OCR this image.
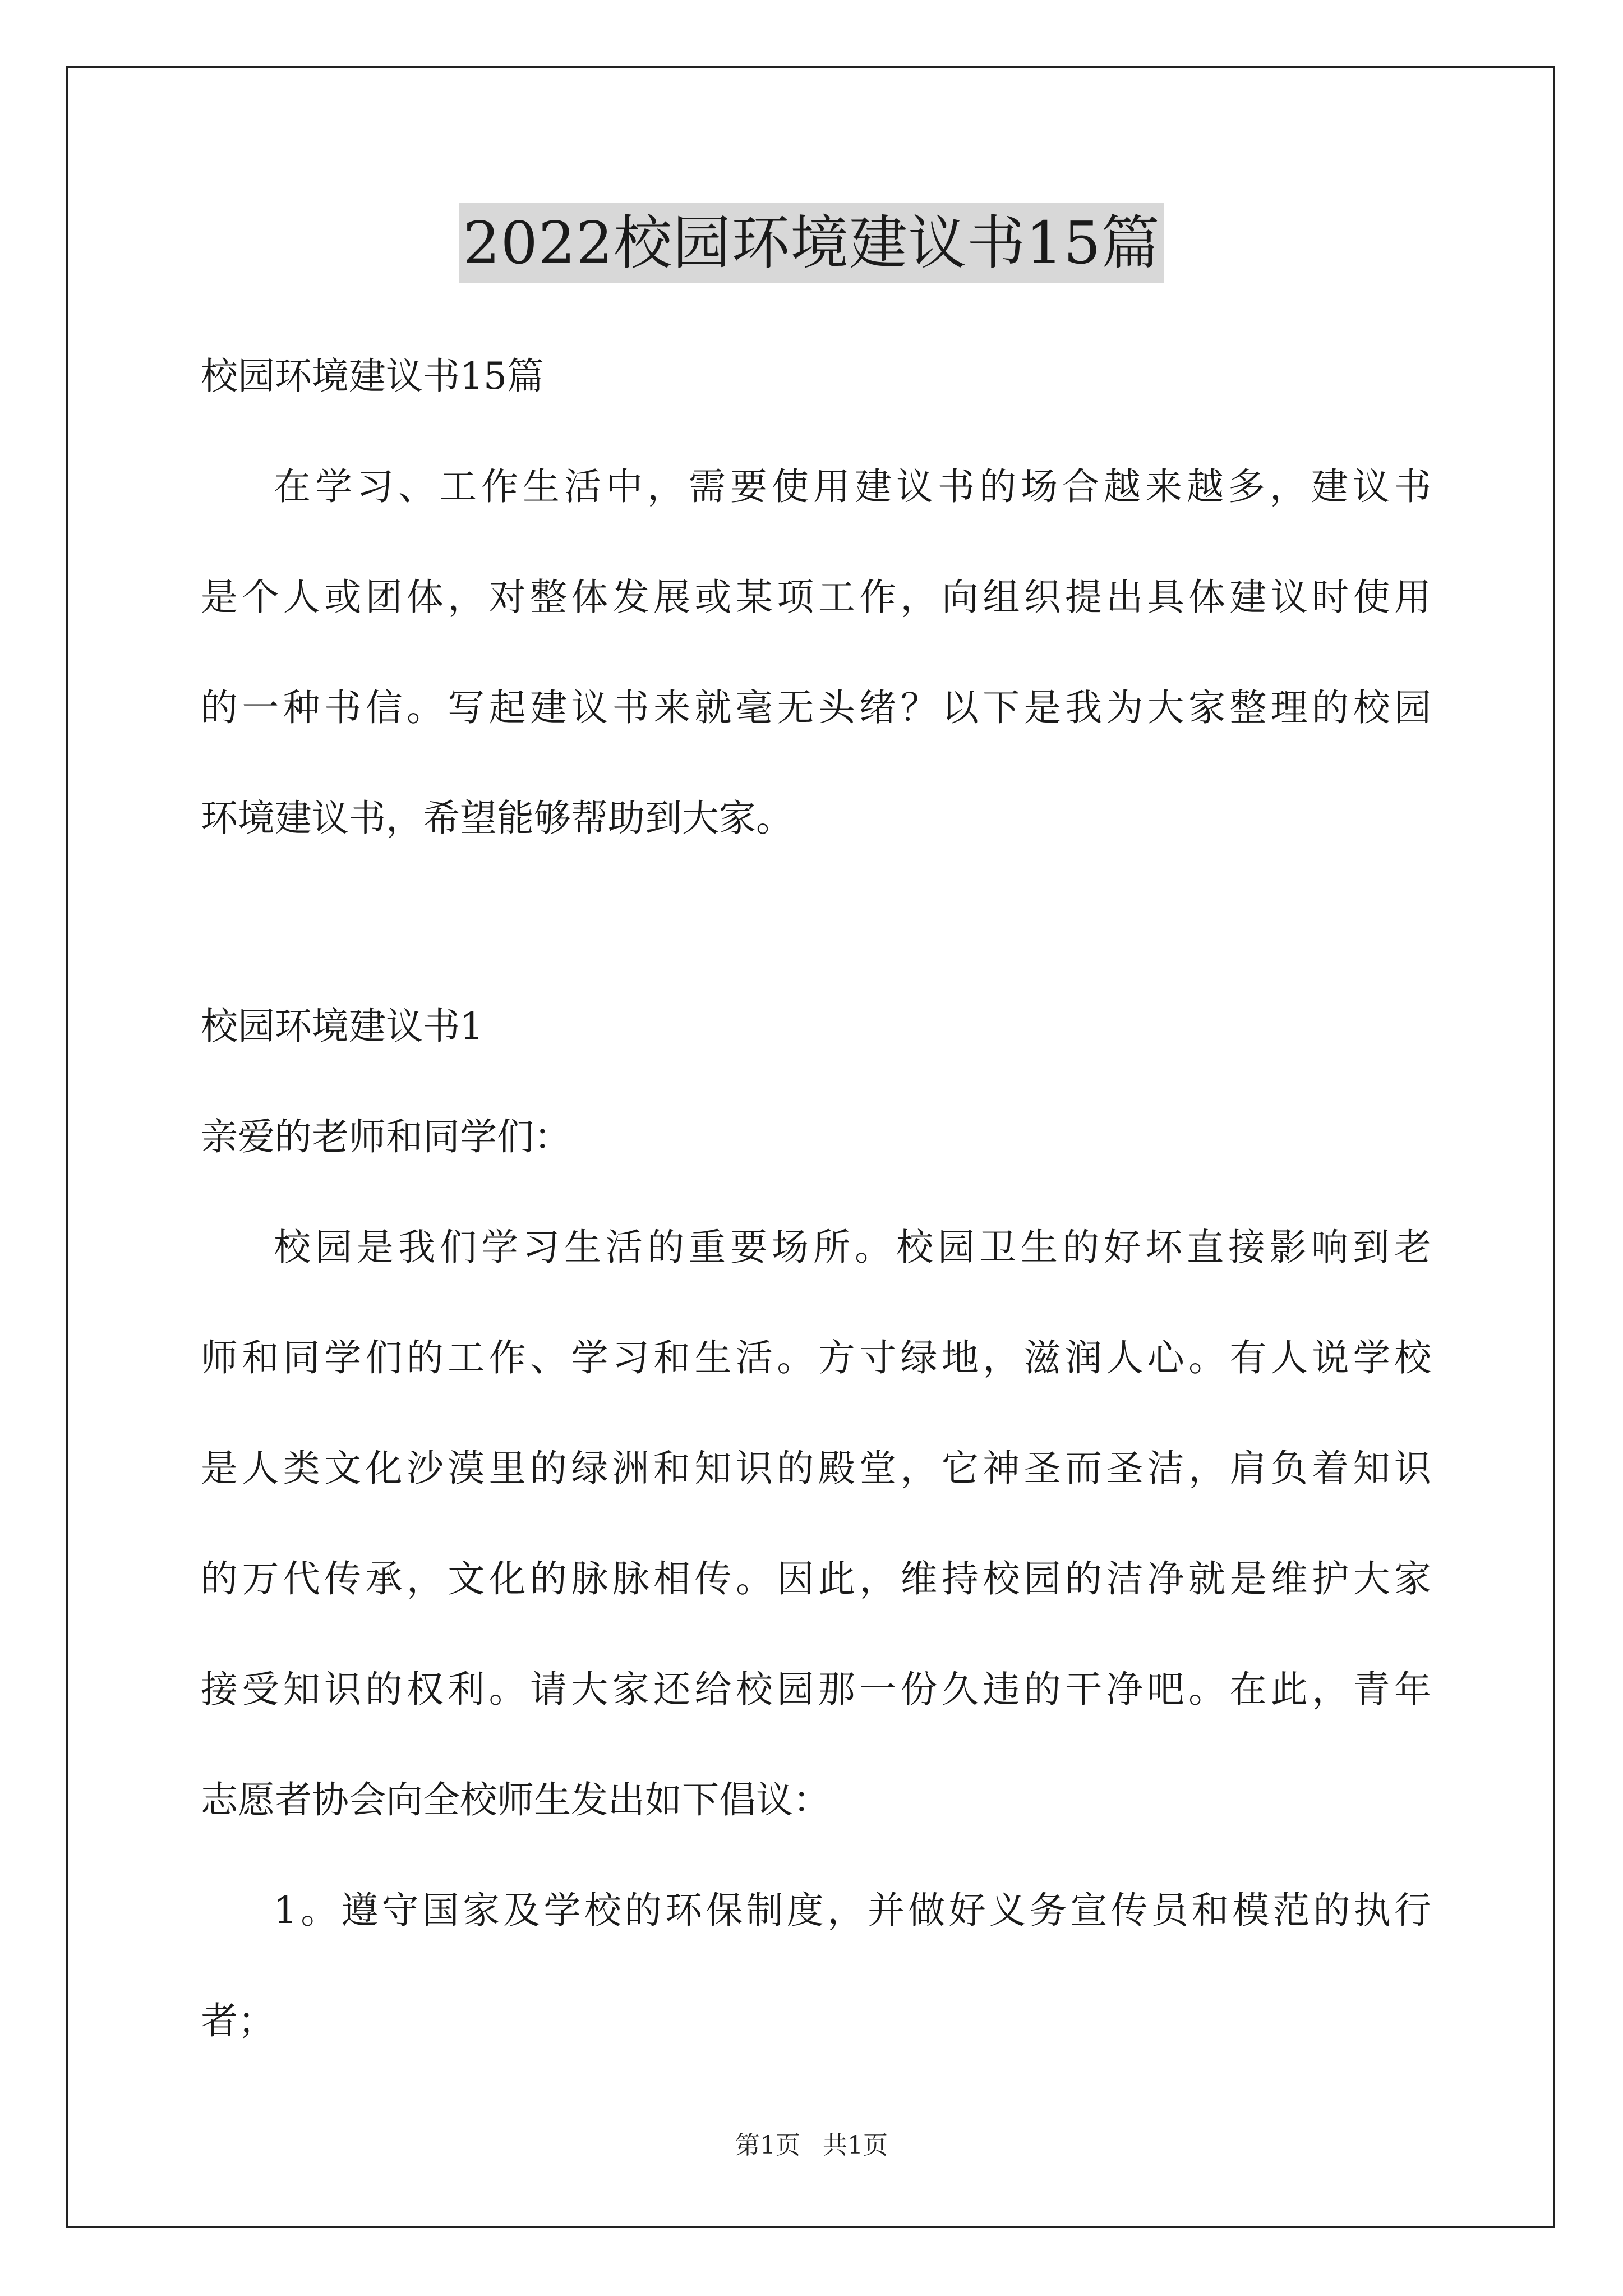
2022校园环境建议书15篇

校园环境建议书15篇

在学习、工作生活中，需要使用建议书的场合越来越多，建议书

是个人或团体，对整体发展或某项工作，向组织提出具体建议时使用

的一种书信。写起建议书来就毫无头绪？以下是我为大家整理的校园

环境建议书，希望能够帮助到大家。

校园环境建议书1

亲爱的老师和同学们：

校园是我们学习生活的重要场所。校园卫生的好坏直接影响到老

师和同学们的工作、学习和生活。方寸绿地，滋润人心。有人说学校

是人类文化沙漠里的绿洲和知识的殿堂，它神圣而圣洁，肩负着知识

的万代传承，文化的脉脉相传。因此，维持校园的洁净就是维护大家

接受知识的权利。请大家还给校园那一份久违的干净吧。在此，青年

志愿者协会向全校师生发出如下倡议：

1。遵守国家及学校的环保制度，并做好义务宣传员和模范的执行

者；

第1页 共1页
